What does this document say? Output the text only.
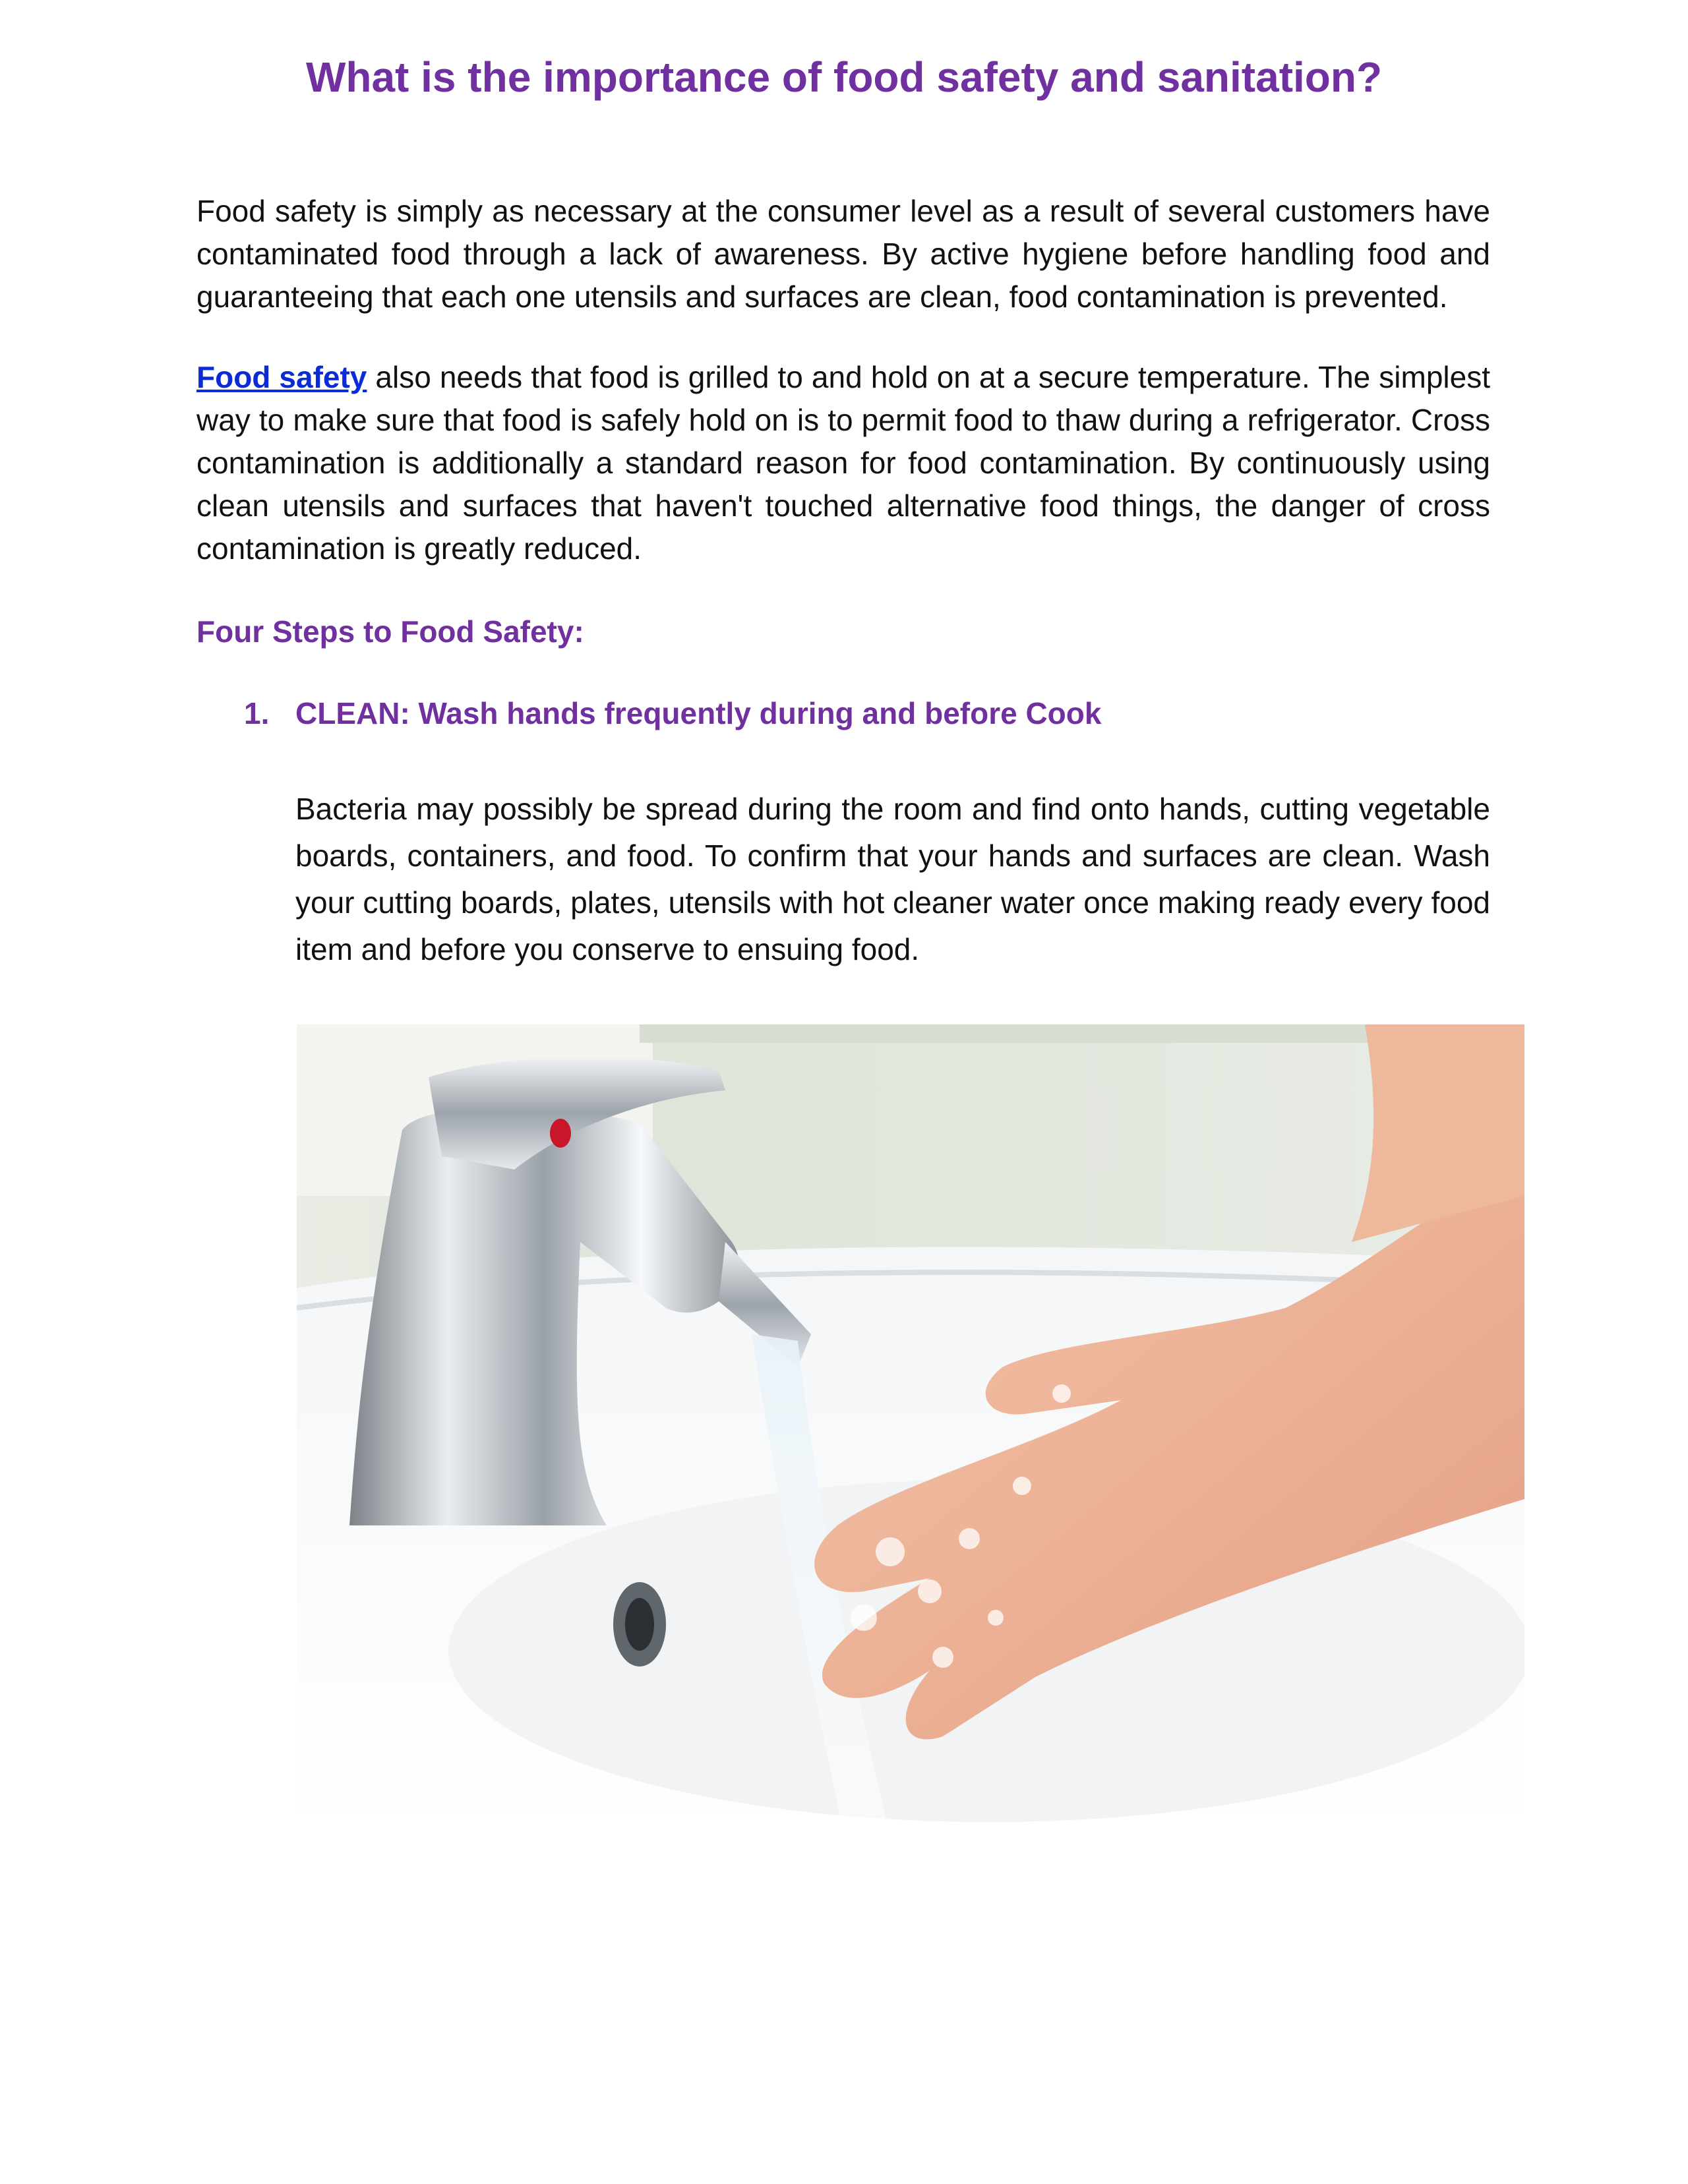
What is the importance of food safety and sanitation?

Food safety is simply as necessary at the consumer level as a result of several customers have contaminated food through a lack of awareness. By active hygiene before handling food and guaranteeing that each one utensils and surfaces are clean, food contamination is prevented.

Food safety also needs that food is grilled to and hold on at a secure temperature. The simplest way to make sure that food is safely hold on is to permit food to thaw during a refrigerator. Cross contamination is additionally a standard reason for food contamination. By continuously using clean utensils and surfaces that haven't touched alternative food things, the danger of cross contamination is greatly reduced.

Four Steps to Food Safety:
1. CLEAN: Wash hands frequently during and before Cook

Bacteria may possibly be spread during the room and find onto hands, cutting vegetable boards, containers, and food. To confirm that your hands and surfaces are clean. Wash your cutting boards, plates, utensils with hot cleaner water once making ready every food item and before you conserve to ensuing food.
